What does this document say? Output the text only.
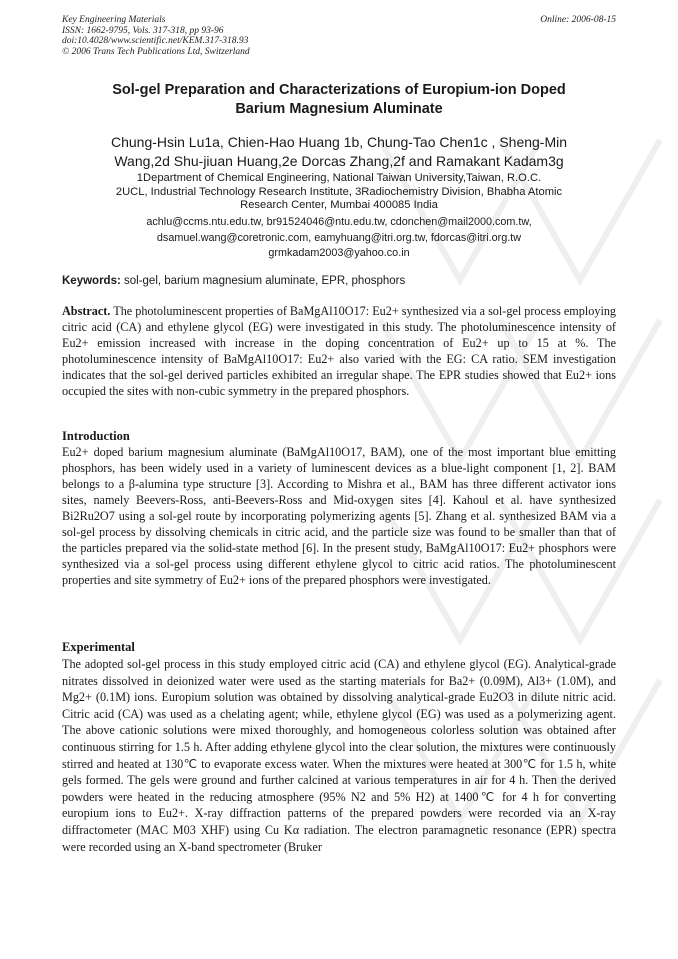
Key Engineering Materials
ISSN: 1662-9795, Vols. 317-318, pp 93-96
doi:10.4028/www.scientific.net/KEM.317-318.93
© 2006 Trans Tech Publications Ltd, Switzerland
Online: 2006-08-15
Sol-gel Preparation and Characterizations of Europium-ion Doped
Barium Magnesium Aluminate
Chung-Hsin Lu1a, Chien-Hao Huang 1b, Chung-Tao Chen1c , Sheng-Min
Wang,2d Shu-jiuan Huang,2e Dorcas Zhang,2f and Ramakant Kadam3g
1Department of Chemical Engineering, National Taiwan University,Taiwan, R.O.C.
2UCL, Industrial Technology Research Institute, 3Radiochemistry Division, Bhabha Atomic
Research Center, Mumbai 400085 India
achlu@ccms.ntu.edu.tw, br91524046@ntu.edu.tw, cdonchen@mail2000.com.tw,
dsamuel.wang@coretronic.com, eamyhuang@itri.org.tw, fdorcas@itri.org.tw
grmkadam2003@yahoo.co.in
Keywords: sol-gel, barium magnesium aluminate, EPR, phosphors

Abstract. The photoluminescent properties of BaMgAl10O17: Eu2+ synthesized via a sol-gel process employing citric acid (CA) and ethylene glycol (EG) were investigated in this study. The photoluminescence intensity of Eu2+ emission increased with increase in the doping concentration of Eu2+ up to 15 at %. The photoluminescence intensity of BaMgAl10O17: Eu2+ also varied with the EG: CA ratio. SEM investigation indicates that the sol-gel derived particles exhibited an irregular shape. The EPR studies showed that Eu2+ ions occupied the sites with non-cubic symmetry in the prepared phosphors.

Introduction

Eu2+ doped barium magnesium aluminate (BaMgAl10O17, BAM), one of the most important blue emitting phosphors, has been widely used in a variety of luminescent devices as a blue-light component [1, 2]. BAM belongs to a β-alumina type structure [3]. According to Mishra et al., BAM has three different activator ions sites, namely Beevers-Ross, anti-Beevers-Ross and Mid-oxygen sites [4]. Kahoul et al. have synthesized Bi2Ru2O7 using a sol-gel route by incorporating polymerizing agents [5]. Zhang et al. synthesized BAM via a sol-gel process by dissolving chemicals in citric acid, and the particle size was found to be smaller than that of the particles prepared via the solid-state method [6]. In the present study, BaMgAl10O17: Eu2+ phosphors were synthesized via a sol-gel process using different ethylene glycol to citric acid ratios. The photoluminescent properties and site symmetry of Eu2+ ions of the prepared phosphors were investigated.

Experimental

The adopted sol-gel process in this study employed citric acid (CA) and ethylene glycol (EG). Analytical-grade nitrates dissolved in deionized water were used as the starting materials for Ba2+ (0.09M), Al3+ (1.0M), and Mg2+ (0.1M) ions. Europium solution was obtained by dissolving analytical-grade Eu2O3 in dilute nitric acid. Citric acid (CA) was used as a chelating agent; while, ethylene glycol (EG) was used as a polymerizing agent. The above cationic solutions were mixed thoroughly, and homogeneous colorless solution was obtained after continuous stirring for 1.5 h. After adding ethylene glycol into the clear solution, the mixtures were continuously stirred and heated at 130℃ to evaporate excess water. When the mixtures were heated at 300℃ for 1.5 h, white gels formed. The gels were ground and further calcined at various temperatures in air for 4 h. Then the derived powders were heated in the reducing atmosphere (95% N2 and 5% H2) at 1400℃ for 4 h for converting europium ions to Eu2+. X-ray diffraction patterns of the prepared powders were recorded via an X-ray diffractometer (MAC M03 XHF) using Cu Kα radiation. The electron paramagnetic resonance (EPR) spectra were recorded using an X-band spectrometer (Bruker
